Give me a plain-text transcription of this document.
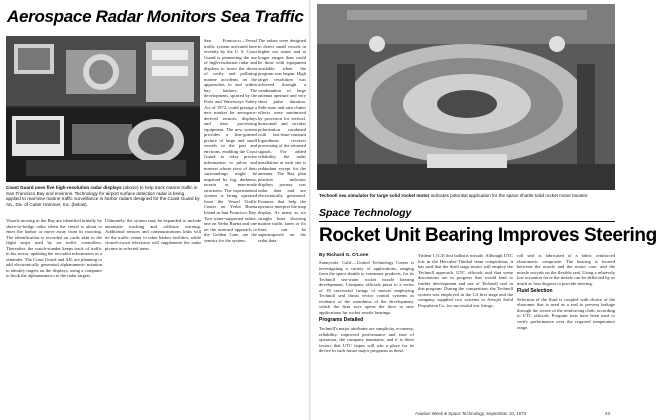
Aerospace Radar Monitors Sea Traffic
Coast Guard uses five high-resolution radar displays (above) to help track marine traffic in San Francisco Bay and environs. Technology for airport surface detection radar is being applied to real-time marine traffic surveillance in harbor radars designed for the Coast Guard by AIL, Div. of Cutler Hammer, Inc. (below).
Vessels moving in the Bay are identified initially by shore-to-bridge radio when the vessel is about to enter the harbor or move away from its mooring. The identification is recorded on cards akin to the flight strips used by air traffic controllers. Thereafter, the watch-stander keeps track of traffic in his sector, updating the recorded information as a reminder. The Coast Guard and AIL are planning to add electronically generated alphanumeric notation to identify targets on the displays, using a computer to hook the alphanumerics to the radar targets.
Ultimately, the system may be expanded to include automatic tracking and collision warning. Additional sensors and communications links will tie the traffic center to other harbor facilities, while closed-circuit television will supplement the radar picture in selected areas.
San Francisco—Vessel traffic system activated here recently by the U. S. Coast Guard is pioneering the use of high-resolution radar and displays to lower the threat of costly and polluting marine accidents on the approaches to and within bay harbors. The development, spurred by the Ports and Waterways Safety Act of 1972, could presage a new market for aerospace-derived sensors, displays and data processing equipment. The new system provides a fine-grained picture of large and small vessels in the port and environs, enabling the Coast Guard to relay precise information to pilots and masters whose view of their surroundings might be impaired by fog, darkness, terrain or man-made structures. The experimental system is being operated from the Vessel Traffic Center on Yerba Buena Island in San Francisco Bay. Two water-supported radars, one on Yerba Buena and one on the seaward approach to the Golden Gate, are the sensors for the system.
The radars were designed to detect small vessels in higher sea states and at longer ranges than could be done with equipment available when the program was begun. High target resolution was achieved through a combination of large antenna aperture and very short pulse duration. Side-state and rain clutter effects were minimized by provision for vertical, horizontal and circular polarization combined with fast-time-constant logarithmic receiver processing of the returned signals. For added reliability, the radar installation at each site is redundant except for the antenna. The Bay plan position indicator displays portray raw radar data and are electronically generated. Features that help the operator interpret the map display. As many as six straight lines showing marine traffic lanes or fix lines can be superimposed on the radar data.
Technoll sea simulator for large solid rocket motor indicates potential application for the space shuttle solid rocket motor booster.
Space Technology
Rocket Unit Bearing Improves Steering
By Richard G. O'Lone
Sunnyvale, Calif.—United Technology Center is investigating a variety of applications, ranging from the space shuttle to consumer products, for its Technoll sea-water rocket nozzle bearing development. Company officials point to a series of 18 successful firings of motors employing Technoll seal thrust vector control systems as evidence of the soundness of the development, which the firm says opens the door to new applications for rocket nozzle bearings.
Programs Detailed
Technoll's major attributes are simplicity, economy, reliability, improved performance and ease of operation, the company maintains, and it is these factors that UTC hopes will win a place for its device in such future major programs as these.
Trident 1 (C4) first ballistic missile. Although UTC lost in the Hercules-Thiokol team competition, it has said that the third stage motor will employ the Technoll approach. UTC officials said that some discussions are in progress that would lead to further development and use of Technoll seal in this program. During the competition, the Technoll system was employed in the C4 first stage and the company supplied two systems to Aerojet Solid Propulsion Co. for successful test firings.
roll seal is fabricated of a fabric reinforced elastomeric composite. The bearing is located between the nozzle and the motor case, and the nozzle swivels on the flexible seal. Using a relatively low actuation force the nozzle can be deflected by as much as four degrees to provide steering.
Fluid Selection
Selection of the fluid is coupled with choice of the elastomer that is used as a seal to prevent leakage through the weave of the reinforcing cloth, according to UTC officials. Program tests have been used to verify performance over the required temperature range.
Aviation Week & Space Technology, September 10, 1973	43
